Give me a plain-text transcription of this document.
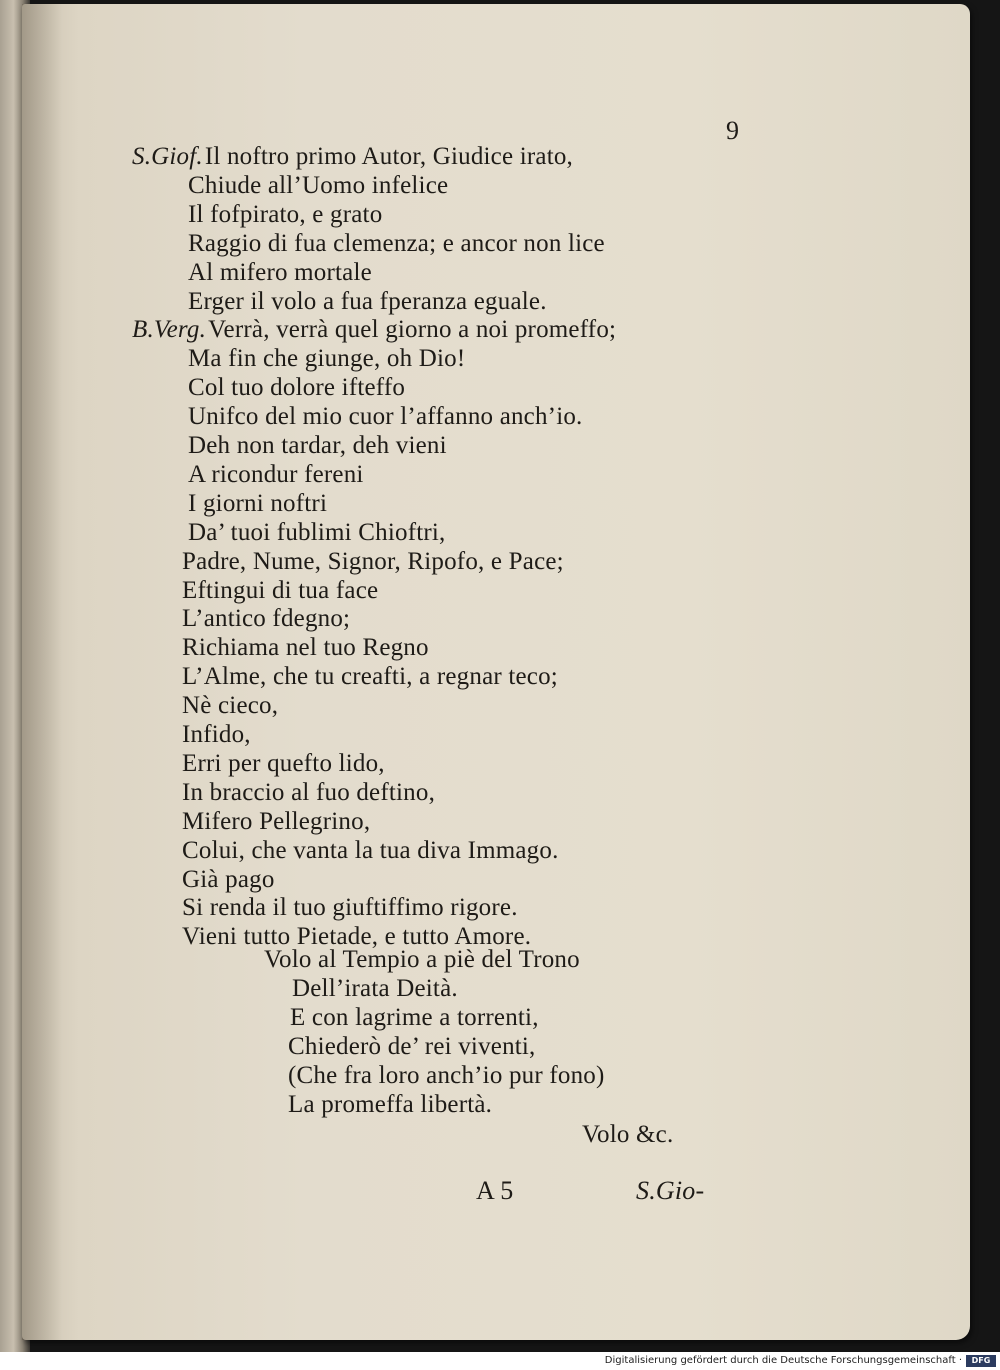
9
S.Giof.Il noftro primo Autor, Giudice irato,
Chiude all’Uomo infelice
Il fofpirato, e grato
Raggio di fua clemenza; e ancor non lice
Al mifero mortale
Erger il volo a fua fperanza eguale.
B.Verg.Verrà, verrà quel giorno a noi promeffo;
Ma fin che giunge, oh Dio!
Col tuo dolore ifteffo
Unifco del mio cuor l’affanno anch’io.
Deh non tardar, deh vieni
A ricondur fereni
I giorni noftri
Da’ tuoi fublimi Chioftri,
Padre, Nume, Signor, Ripofo, e Pace;
Eftingui di tua face
L’antico fdegno;
Richiama nel tuo Regno
L’Alme, che tu creafti, a regnar teco;
Nè cieco,
Infido,
Erri per quefto lido,
In braccio al fuo deftino,
Mifero Pellegrino,
Colui, che vanta la tua diva Immago.
Già pago
Si renda il tuo giuftiffimo rigore.
Vieni tutto Pietade, e tutto Amore.
Volo al Tempio a piè del Trono
Dell’irata Deità.
E con lagrime a torrenti,
Chiederò de’ rei viventi,
(Che fra loro anch’io pur fono)
La promeffa libertà.
Volo &c.
A 5	S.Gio-
Digitalisierung gefördert durch die Deutsche Forschungsgemeinschaft ·	DFG
